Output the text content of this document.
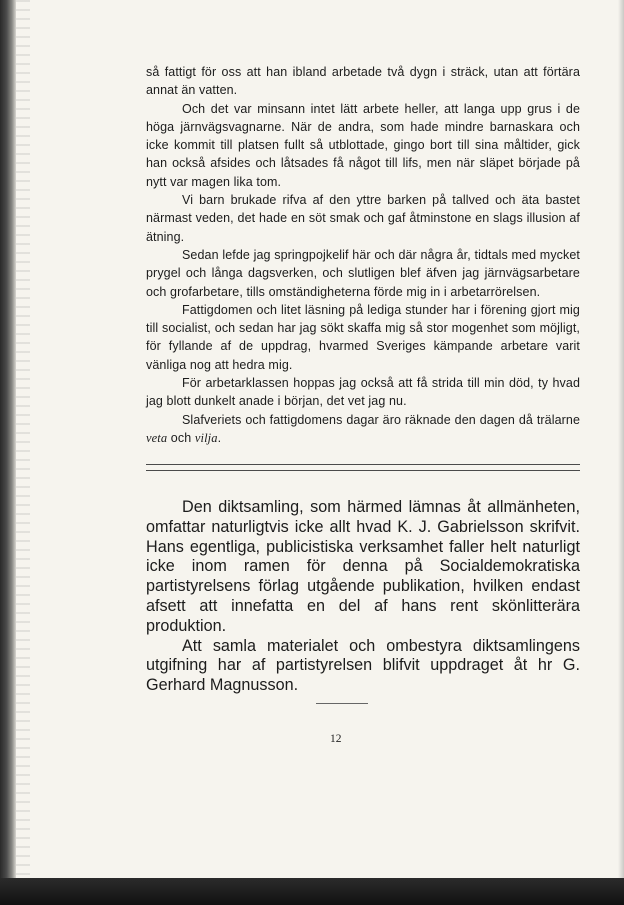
så fattigt för oss att han ibland arbetade två dygn i sträck, utan att förtära annat än vatten.

Och det var minsann intet lätt arbete heller, att langa upp grus i de höga järnvägsvagnarne. När de andra, som hade mindre barnaskara och icke kommit till platsen fullt så utblottade, gingo bort till sina måltider, gick han också afsides och låtsades få något till lifs, men när släpet började på nytt var magen lika tom.

Vi barn brukade rifva af den yttre barken på tallved och äta bastet närmast veden, det hade en söt smak och gaf åtminstone en slags illusion af ätning.

Sedan lefde jag springpojkelif här och där några år, tidtals med mycket prygel och långa dagsverken, och slutligen blef äfven jag järnvägsarbetare och grofarbetare, tills omständigheterna förde mig in i arbetarrörelsen.

Fattigdomen och litet läsning på lediga stunder har i förening gjort mig till socialist, och sedan har jag sökt skaffa mig så stor mogenhet som möjligt, för fyllande af de uppdrag, hvarmed Sveriges kämpande arbetare varit vänliga nog att hedra mig.

För arbetarklassen hoppas jag också att få strida till min död, ty hvad jag blott dunkelt anade i början, det vet jag nu.

Slafveriets och fattigdomens dagar äro räknade den dagen då trälarne veta och vilja.

Den diktsamling, som härmed lämnas åt allmänheten, omfattar naturligtvis icke allt hvad K. J. Gabrielsson skrifvit. Hans egentliga, publicistiska verksamhet faller helt naturligt icke inom ramen för denna på Socialdemokratiska partistyrelsens förlag utgående publikation, hvilken endast afsett att innefatta en del af hans rent skönlitterära produktion.

Att samla materialet och ombestyra diktsamlingens utgifning har af partistyrelsen blifvit uppdraget åt hr G. Gerhard Magnusson.

12
